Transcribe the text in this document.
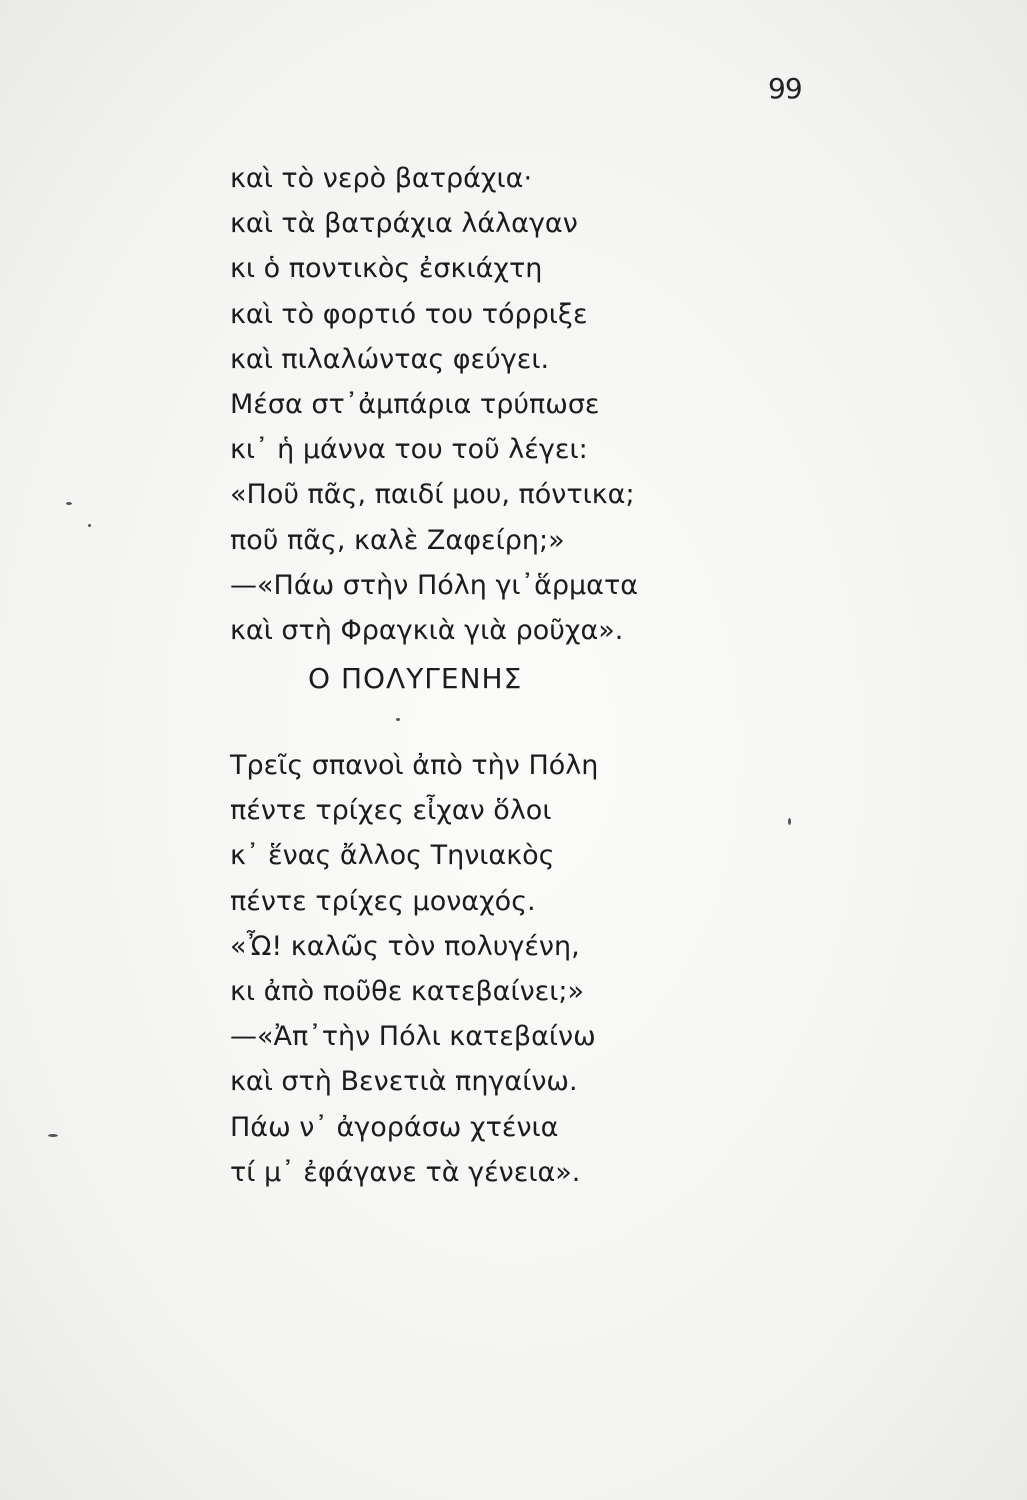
99
καὶ τὸ νερὸ βατράχια·
καὶ τὰ βατράχια λάλαγαν
κι ὁ ποντικὸς ἐσκιάχτη
καὶ τὸ φορτιό του τόρριξε
καὶ πιλαλώντας φεύγει.
Μέσα στ᾽ἀμπάρια τρύπωσε
κι᾽ ἡ μάννα του τοῦ λέγει:
«Ποῦ πᾶς, παιδί μου, πόντικα;
ποῦ πᾶς, καλὲ Ζαφείρη;»
—«Πάω στὴν Πόλη γι᾽ἅρματα
καὶ στὴ Φραγκιὰ γιὰ ροῦχα».
Ο ΠΟΛΥΓΕΝΗΣ
Τρεῖς σπανοὶ ἀπὸ τὴν Πόλη
πέντε τρίχες εἶχαν ὅλοι
κ᾽ ἕνας ἄλλος Τηνιακὸς
πέντε τρίχες μοναχός.
«Ὦ! καλῶς τὸν πολυγένη,
κι ἀπὸ ποῦθε κατεβαίνει;»
—«Ἀπ᾽τὴν Πόλι κατεβαίνω
καὶ στὴ Βενετιὰ πηγαίνω.
Πάω ν᾽ ἀγοράσω χτένια
τί μ᾽ ἐφάγανε τὰ γένεια».
